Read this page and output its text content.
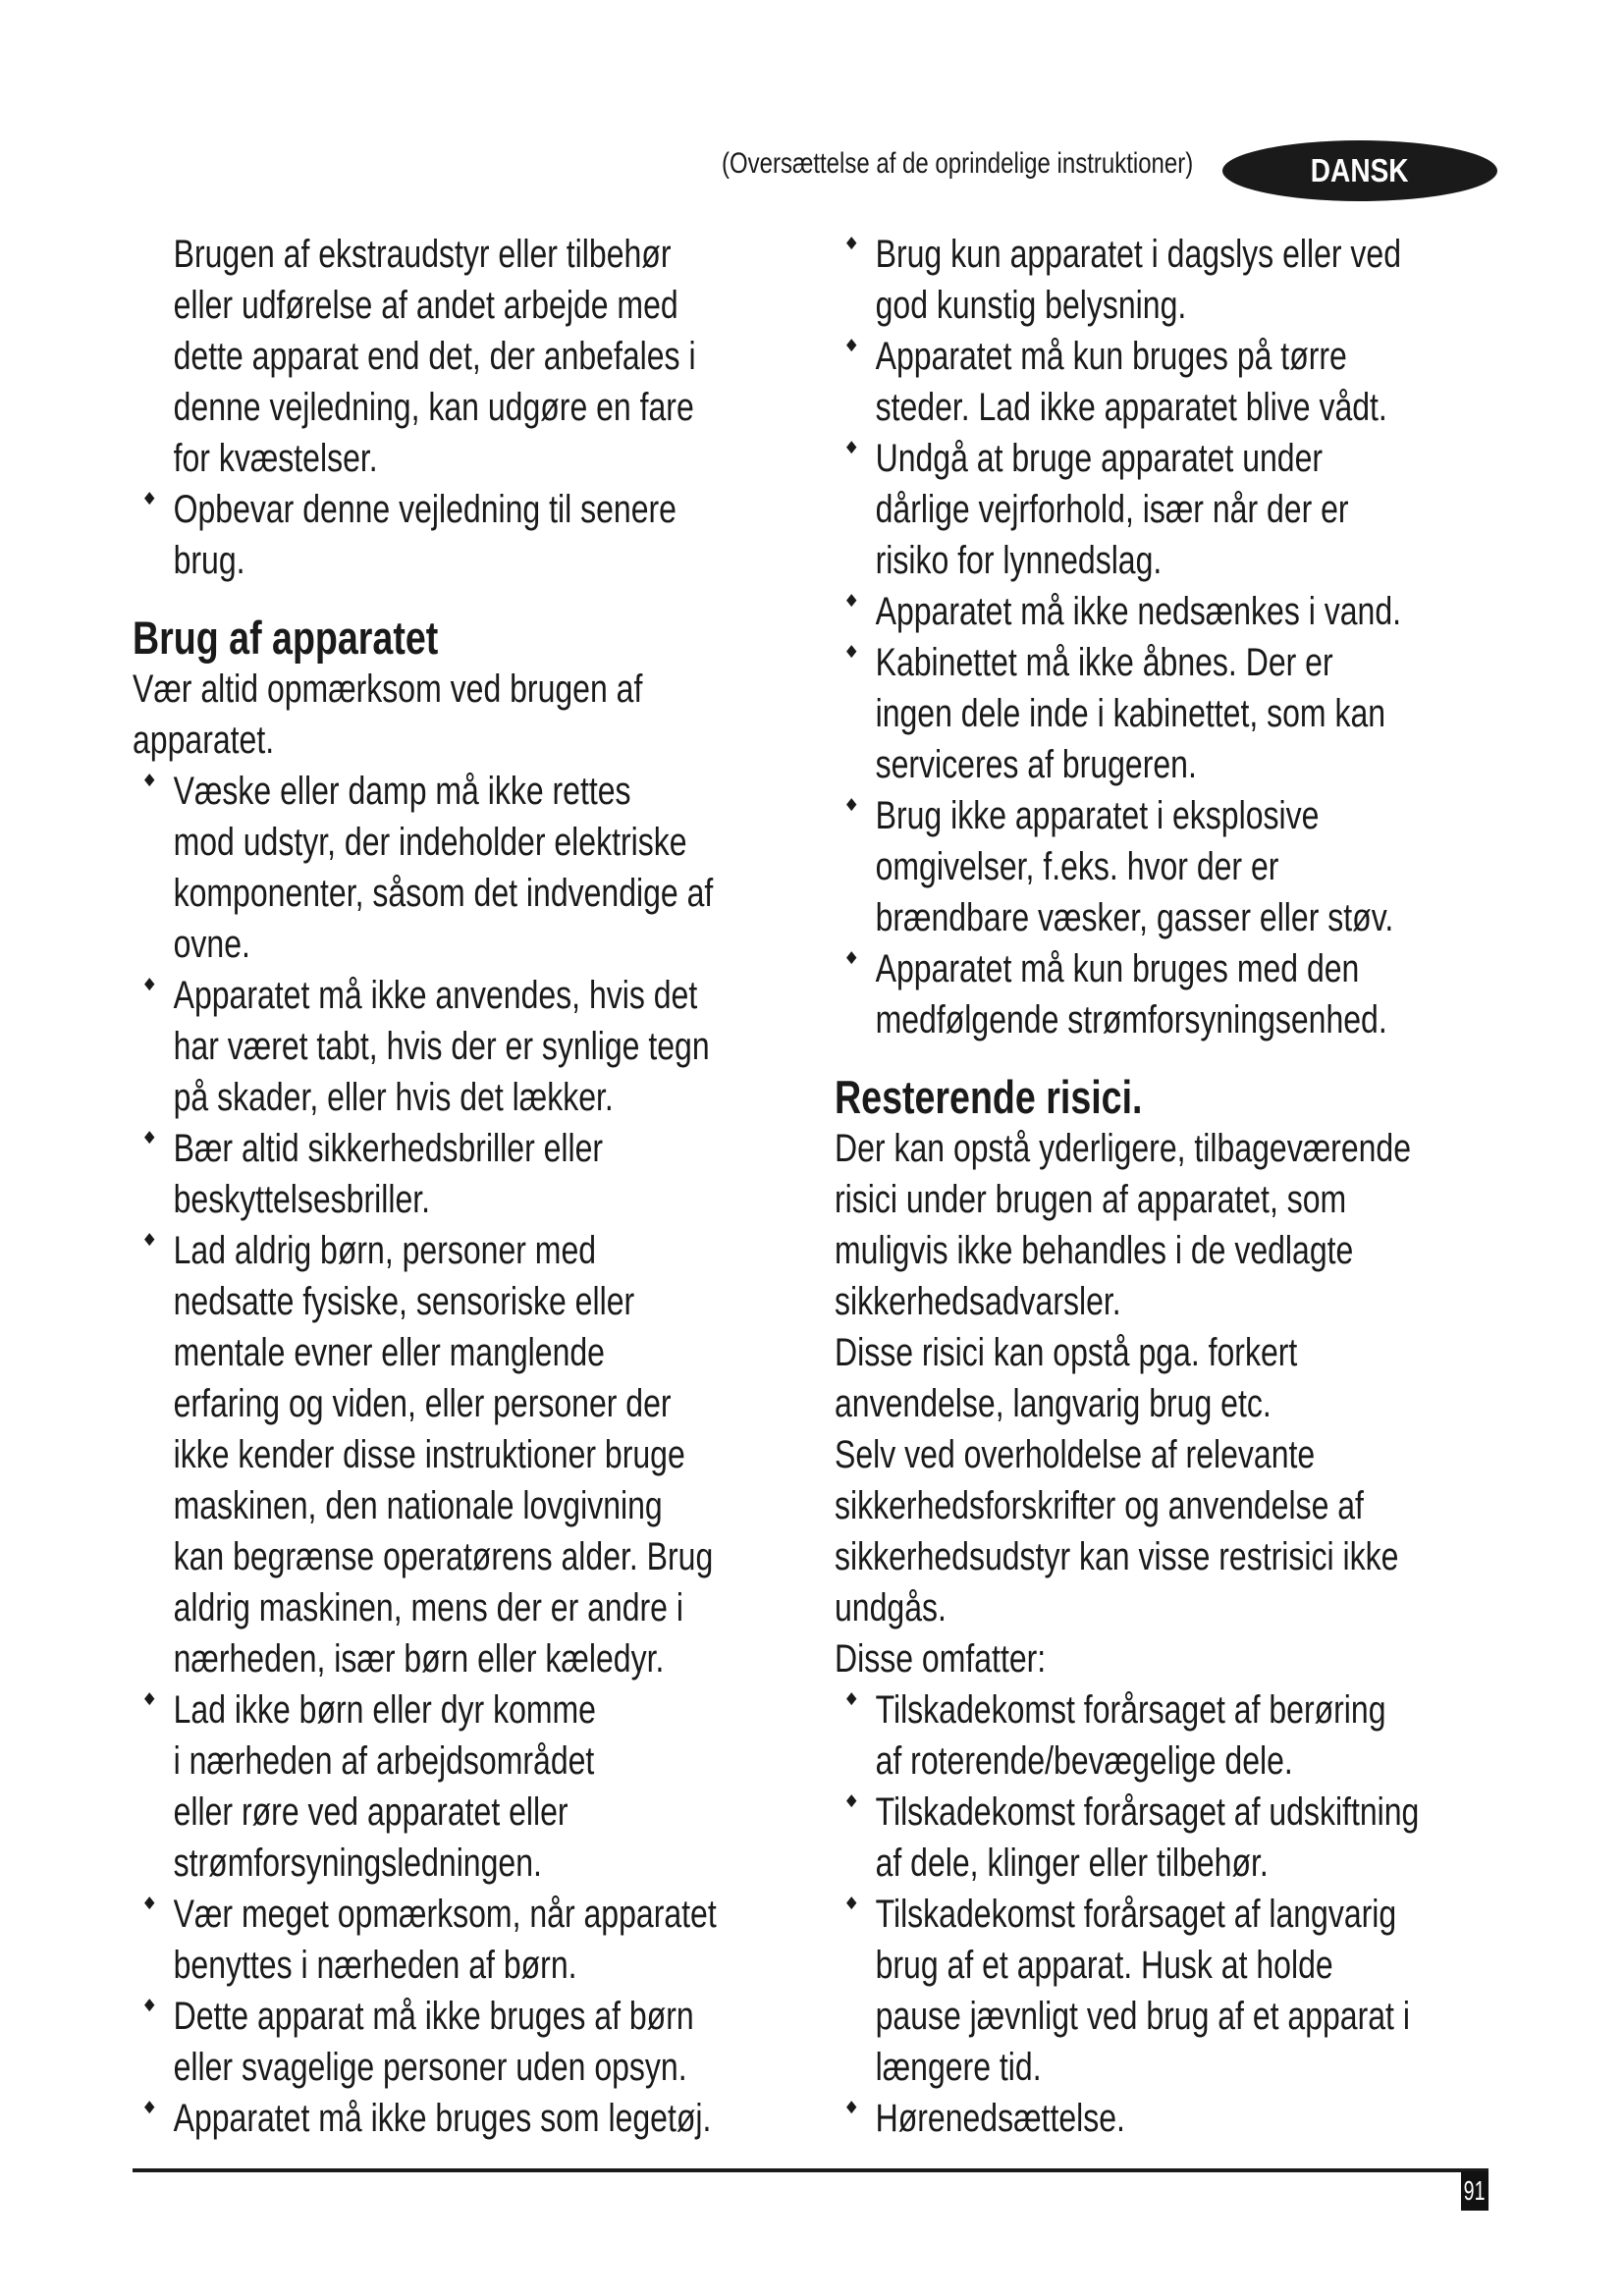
(Oversættelse af de oprindelige instruktioner)	DANSK
Brugen af ekstraudstyr eller tilbehør
eller udførelse af andet arbejde med
dette apparat end det, der anbefales i
denne vejledning, kan udgøre en fare
for kvæstelser.
◆ Opbevar denne vejledning til senere
brug.
Brug af apparatet
Vær altid opmærksom ved brugen af
apparatet.
◆ Væske eller damp må ikke rettes
mod udstyr, der indeholder elektriske
komponenter, såsom det indvendige af
ovne.
◆ Apparatet må ikke anvendes, hvis det
har været tabt, hvis der er synlige tegn
på skader, eller hvis det lækker.
◆ Bær altid sikkerhedsbriller eller
beskyttelsesbriller.
◆ Lad aldrig børn, personer med
nedsatte fysiske, sensoriske eller
mentale evner eller manglende
erfaring og viden, eller personer der
ikke kender disse instruktioner bruge
maskinen, den nationale lovgivning
kan begrænse operatørens alder. Brug
aldrig maskinen, mens der er andre i
nærheden, især børn eller kæledyr.
◆ Lad ikke børn eller dyr komme
i nærheden af arbejdsområdet
eller røre ved apparatet eller
strømforsyningsledningen.
◆ Vær meget opmærksom, når apparatet
benyttes i nærheden af børn.
◆ Dette apparat må ikke bruges af børn
eller svagelige personer uden opsyn.
◆ Apparatet må ikke bruges som legetøj.
◆ Brug kun apparatet i dagslys eller ved
god kunstig belysning.
◆ Apparatet må kun bruges på tørre
steder. Lad ikke apparatet blive vådt.
◆ Undgå at bruge apparatet under
dårlige vejrforhold, især når der er
risiko for lynnedslag.
◆ Apparatet må ikke nedsænkes i vand.
◆ Kabinettet må ikke åbnes. Der er
ingen dele inde i kabinettet, som kan
serviceres af brugeren.
◆ Brug ikke apparatet i eksplosive
omgivelser, f.eks. hvor der er
brændbare væsker, gasser eller støv.
◆ Apparatet må kun bruges med den
medfølgende strømforsyningsenhed.
Resterende risici.
Der kan opstå yderligere, tilbageværende
risici under brugen af apparatet, som
muligvis ikke behandles i de vedlagte
sikkerhedsadvarsler.
Disse risici kan opstå pga. forkert
anvendelse, langvarig brug etc.
Selv ved overholdelse af relevante
sikkerhedsforskrifter og anvendelse af
sikkerhedsudstyr kan visse restrisici ikke
undgås.
Disse omfatter:
◆ Tilskadekomst forårsaget af berøring
af roterende/bevægelige dele.
◆ Tilskadekomst forårsaget af udskiftning
af dele, klinger eller tilbehør.
◆ Tilskadekomst forårsaget af langvarig
brug af et apparat. Husk at holde
pause jævnligt ved brug af et apparat i
længere tid.
◆ Hørenedsættelse.
91
